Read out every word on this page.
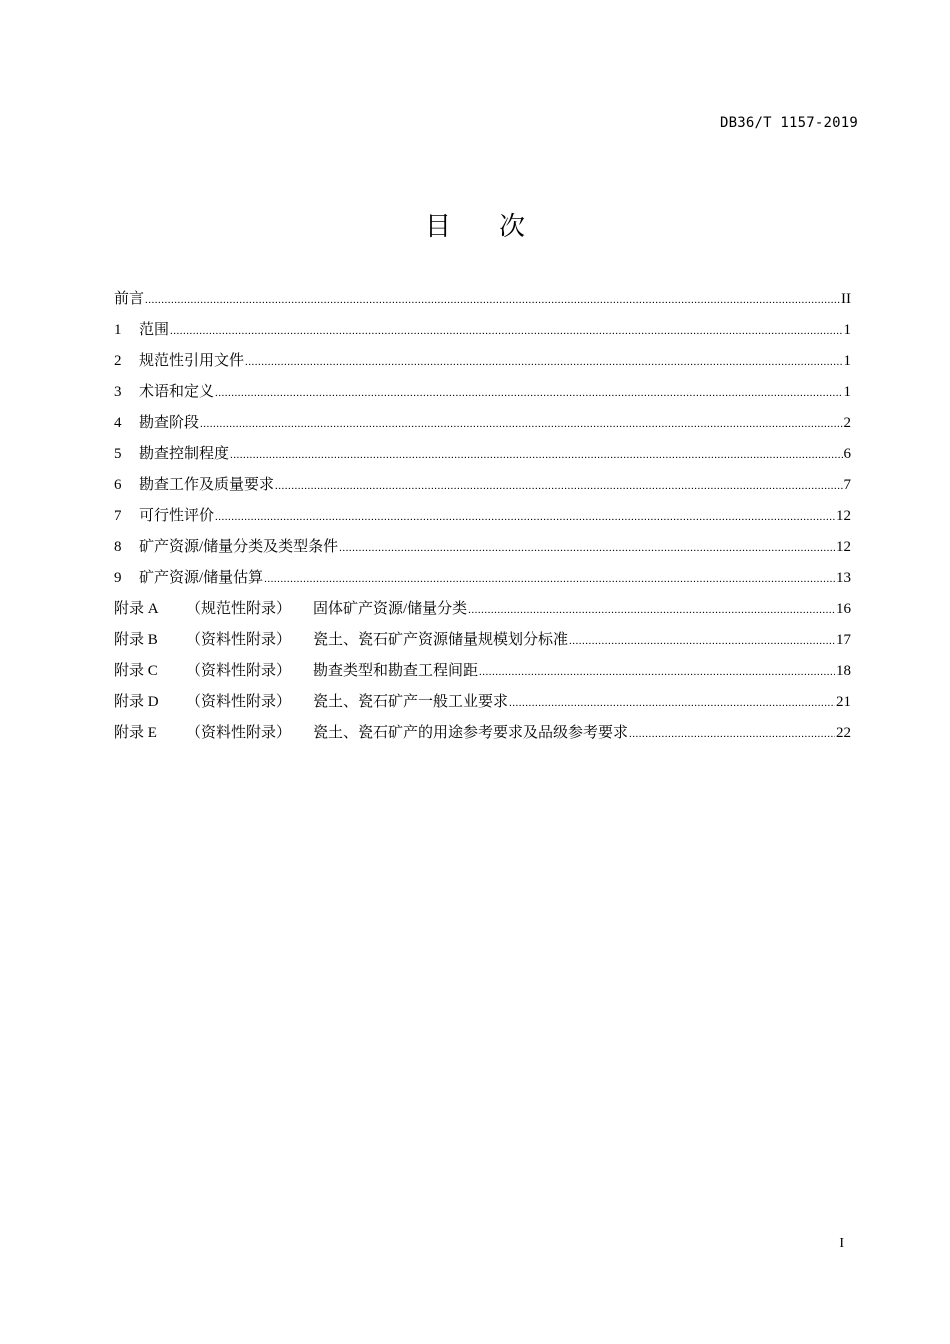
DB36/T 1157-2019
目 次
前言 .....	II
1	范围 .....	1
2	规范性引用文件 .....	1
3	术语和定义 .....	1
4	勘查阶段 .....	2
5	勘查控制程度 .....	6
6	勘查工作及质量要求 .....	7
7	可行性评价 .....	12
8	矿产资源/储量分类及类型条件 .....	12
9	矿产资源/储量估算 .....	13
附录 A	（规范性附录）	固体矿产资源/储量分类 .....	16
附录 B	（资料性附录）	瓷土、瓷石矿产资源储量规模划分标准 .....	17
附录 C	（资料性附录）	勘查类型和勘查工程间距 .....	18
附录 D	（资料性附录）	瓷土、瓷石矿产一般工业要求 .....	21
附录 E	（资料性附录）	瓷土、瓷石矿产的用途参考要求及品级参考要求 .....	22
I
